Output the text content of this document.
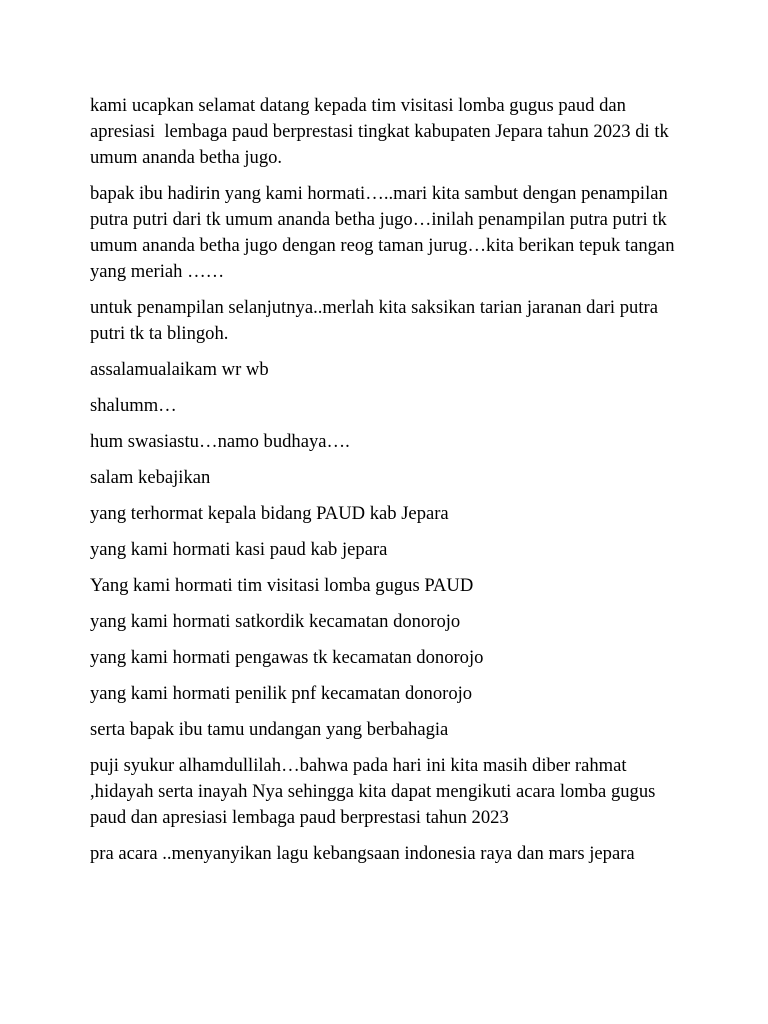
kami ucapkan selamat datang kepada tim visitasi lomba gugus paud dan apresiasi  lembaga paud berprestasi tingkat kabupaten Jepara tahun 2023 di tk umum ananda betha jugo.

bapak ibu hadirin yang kami hormati…..mari kita sambut dengan penampilan putra putri dari tk umum ananda betha jugo…inilah penampilan putra putri tk umum ananda betha jugo dengan reog taman jurug…kita berikan tepuk tangan yang meriah ……

untuk penampilan selanjutnya..merlah kita saksikan tarian jaranan dari putra putri tk ta blingoh.

assalamualaikam wr wb

shalumm…

hum swasiastu…namo budhaya….

salam kebajikan

yang terhormat kepala bidang PAUD kab Jepara

yang kami hormati kasi paud kab jepara

Yang kami hormati tim visitasi lomba gugus PAUD

yang kami hormati satkordik kecamatan donorojo

yang kami hormati pengawas tk kecamatan donorojo

yang kami hormati penilik pnf kecamatan donorojo

serta bapak ibu tamu undangan yang berbahagia

puji syukur alhamdullilah…bahwa pada hari ini kita masih diber rahmat ,hidayah serta inayah Nya sehingga kita dapat mengikuti acara lomba gugus paud dan apresiasi lembaga paud berprestasi tahun 2023

pra acara ..menyanyikan lagu kebangsaan indonesia raya dan mars jepara
